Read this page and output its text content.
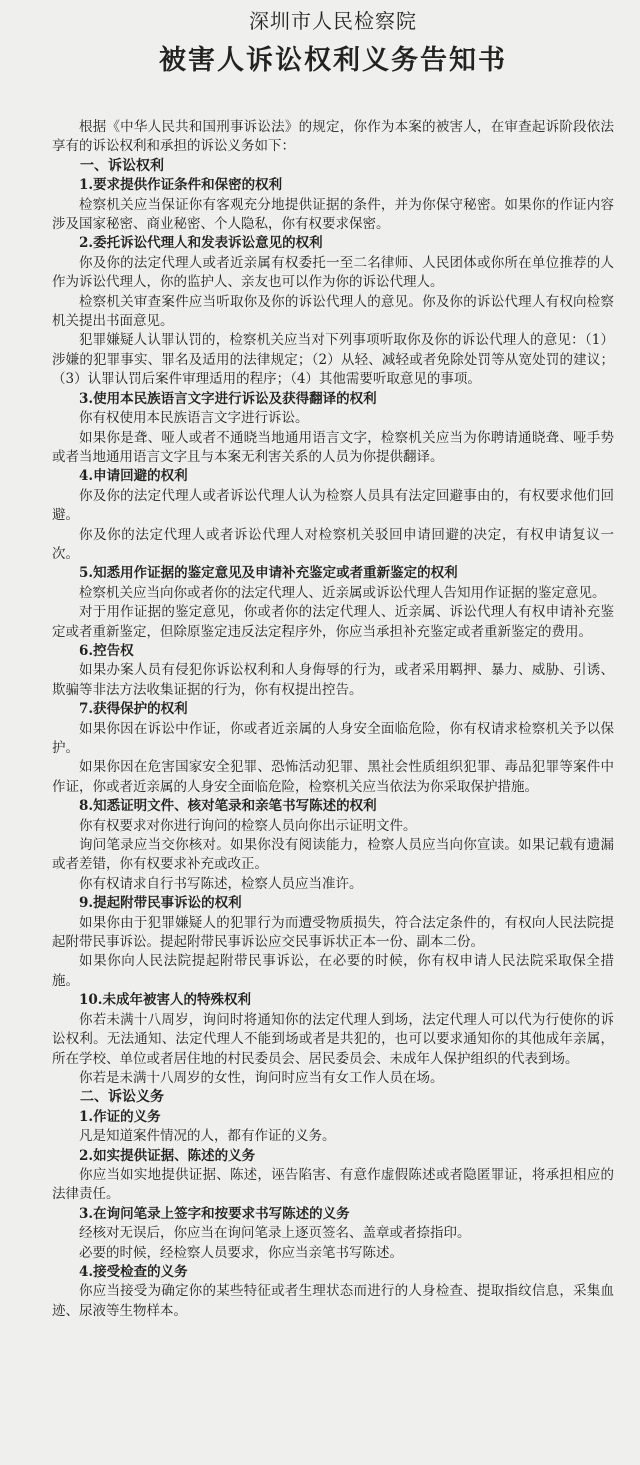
深圳市人民检察院
被害人诉讼权利义务告知书

根据《中华人民共和国刑事诉讼法》的规定，你作为本案的被害人，在审查起诉阶段依法享有的诉讼权利和承担的诉讼义务如下：

一、诉讼权利

1.要求提供作证条件和保密的权利

检察机关应当保证你有客观充分地提供证据的条件，并为你保守秘密。如果你的作证内容涉及国家秘密、商业秘密、个人隐私，你有权要求保密。

2.委托诉讼代理人和发表诉讼意见的权利

你及你的法定代理人或者近亲属有权委托一至二名律师、人民团体或你所在单位推荐的人作为诉讼代理人，你的监护人、亲友也可以作为你的诉讼代理人。

检察机关审查案件应当听取你及你的诉讼代理人的意见。你及你的诉讼代理人有权向检察机关提出书面意见。

犯罪嫌疑人认罪认罚的，检察机关应当对下列事项听取你及你的诉讼代理人的意见：（1）涉嫌的犯罪事实、罪名及适用的法律规定；（2）从轻、减轻或者免除处罚等从宽处罚的建议；（3）认罪认罚后案件审理适用的程序；（4）其他需要听取意见的事项。

3.使用本民族语言文字进行诉讼及获得翻译的权利

你有权使用本民族语言文字进行诉讼。

如果你是聋、哑人或者不通晓当地通用语言文字，检察机关应当为你聘请通晓聋、哑手势或者当地通用语言文字且与本案无利害关系的人员为你提供翻译。

4.申请回避的权利

你及你的法定代理人或者诉讼代理人认为检察人员具有法定回避事由的，有权要求他们回避。

你及你的法定代理人或者诉讼代理人对检察机关驳回申请回避的决定，有权申请复议一次。

5.知悉用作证据的鉴定意见及申请补充鉴定或者重新鉴定的权利

检察机关应当向你或者你的法定代理人、近亲属或诉讼代理人告知用作证据的鉴定意见。

对于用作证据的鉴定意见，你或者你的法定代理人、近亲属、诉讼代理人有权申请补充鉴定或者重新鉴定，但除原鉴定违反法定程序外，你应当承担补充鉴定或者重新鉴定的费用。

6.控告权

如果办案人员有侵犯你诉讼权利和人身侮辱的行为，或者采用羁押、暴力、威胁、引诱、欺骗等非法方法收集证据的行为，你有权提出控告。

7.获得保护的权利

如果你因在诉讼中作证，你或者近亲属的人身安全面临危险，你有权请求检察机关予以保护。

如果你因在危害国家安全犯罪、恐怖活动犯罪、黑社会性质组织犯罪、毒品犯罪等案件中作证，你或者近亲属的人身安全面临危险，检察机关应当依法为你采取保护措施。

8.知悉证明文件、核对笔录和亲笔书写陈述的权利

你有权要求对你进行询问的检察人员向你出示证明文件。

询问笔录应当交你核对。如果你没有阅读能力，检察人员应当向你宣读。如果记载有遗漏或者差错，你有权要求补充或改正。

你有权请求自行书写陈述，检察人员应当准许。

9.提起附带民事诉讼的权利

如果你由于犯罪嫌疑人的犯罪行为而遭受物质损失，符合法定条件的，有权向人民法院提起附带民事诉讼。提起附带民事诉讼应交民事诉状正本一份、副本二份。

如果你向人民法院提起附带民事诉讼，在必要的时候，你有权申请人民法院采取保全措施。

10.未成年被害人的特殊权利

你若未满十八周岁，询问时将通知你的法定代理人到场，法定代理人可以代为行使你的诉讼权利。无法通知、法定代理人不能到场或者是共犯的，也可以要求通知你的其他成年亲属，所在学校、单位或者居住地的村民委员会、居民委员会、未成年人保护组织的代表到场。

你若是未满十八周岁的女性，询问时应当有女工作人员在场。

二、诉讼义务

1.作证的义务

凡是知道案件情况的人，都有作证的义务。

2.如实提供证据、陈述的义务

你应当如实地提供证据、陈述，诬告陷害、有意作虚假陈述或者隐匿罪证，将承担相应的法律责任。

3.在询问笔录上签字和按要求书写陈述的义务

经核对无误后，你应当在询问笔录上逐页签名、盖章或者捺指印。

必要的时候，经检察人员要求，你应当亲笔书写陈述。

4.接受检查的义务

你应当接受为确定你的某些特征或者生理状态而进行的人身检查、提取指纹信息，采集血迹、尿液等生物样本。
